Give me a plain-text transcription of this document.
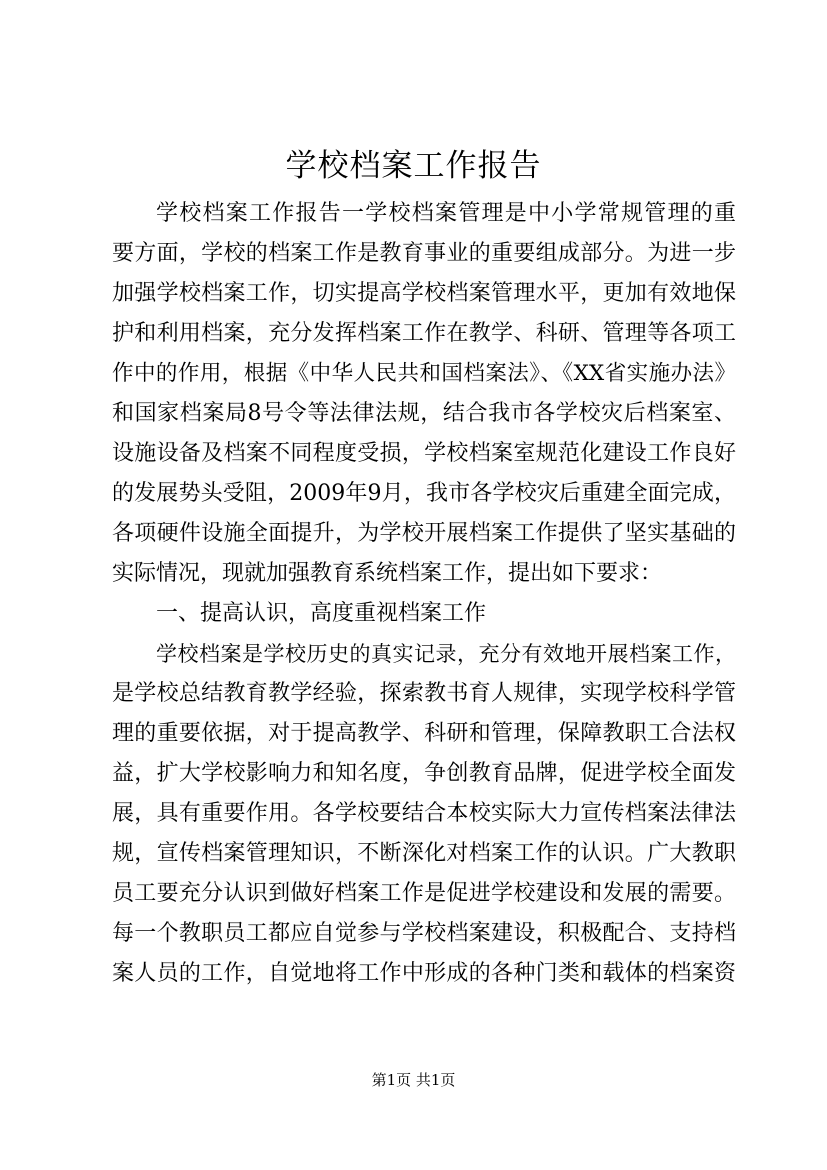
学校档案工作报告
学校档案工作报告一学校档案管理是中小学常规管理的重
要方面，学校的档案工作是教育事业的重要组成部分。为进一步
加强学校档案工作，切实提高学校档案管理水平，更加有效地保
护和利用档案，充分发挥档案工作在教学、科研、管理等各项工
作中的作用，根据《中华人民共和国档案法》、《XX省实施办法》
和国家档案局8号令等法律法规，结合我市各学校灾后档案室、
设施设备及档案不同程度受损，学校档案室规范化建设工作良好
的发展势头受阻，2009年9月，我市各学校灾后重建全面完成，
各项硬件设施全面提升，为学校开展档案工作提供了坚实基础的
实际情况，现就加强教育系统档案工作，提出如下要求：
一、提高认识，高度重视档案工作
学校档案是学校历史的真实记录，充分有效地开展档案工作，
是学校总结教育教学经验，探索教书育人规律，实现学校科学管
理的重要依据，对于提高教学、科研和管理，保障教职工合法权
益，扩大学校影响力和知名度，争创教育品牌，促进学校全面发
展，具有重要作用。各学校要结合本校实际大力宣传档案法律法
规，宣传档案管理知识，不断深化对档案工作的认识。广大教职
员工要充分认识到做好档案工作是促进学校建设和发展的需要。
每一个教职员工都应自觉参与学校档案建设，积极配合、支持档
案人员的工作，自觉地将工作中形成的各种门类和载体的档案资
第1页 共1页
